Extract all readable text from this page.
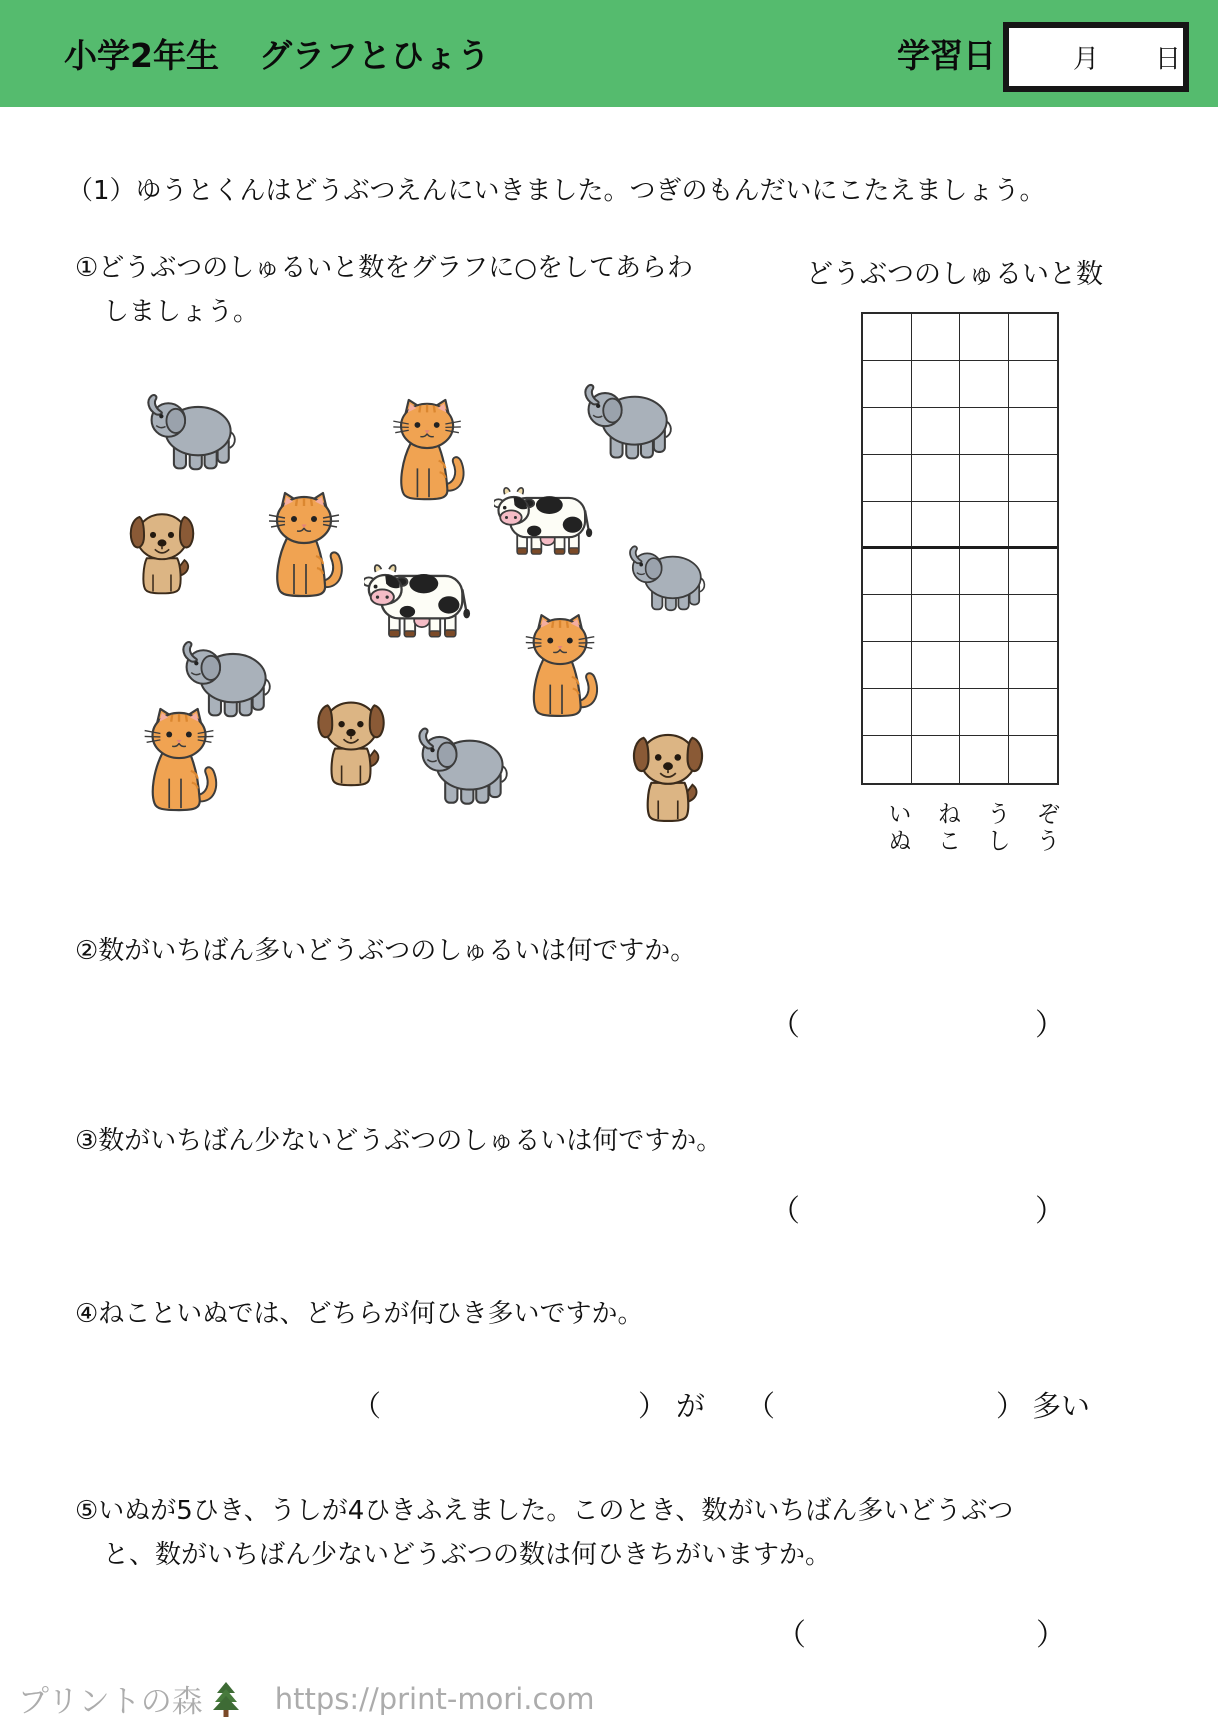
小学2年生 グラフとひょう	学習日	月 日
（1）ゆうとくんはどうぶつえんにいきました。つぎのもんだいにこたえましょう。
①どうぶつのしゅるいと数をグラフに○をしてあらわ
しましょう。
どうぶつのしゅるいと数
いぬ ねこ うし ぞう
②数がいちばん多いどうぶつのしゅるいは何ですか。
（	）
③数がいちばん少ないどうぶつのしゅるいは何ですか。
（	）
④ねこといぬでは、どちらが何ひき多いですか。
（	） が （	） 多い
⑤いぬが5ひき、うしが4ひきふえました。このとき、数がいちばん多いどうぶつ
と、数がいちばん少ないどうぶつの数は何ひきちがいますか。
（	）
プリントの森 https://print-mori.com
